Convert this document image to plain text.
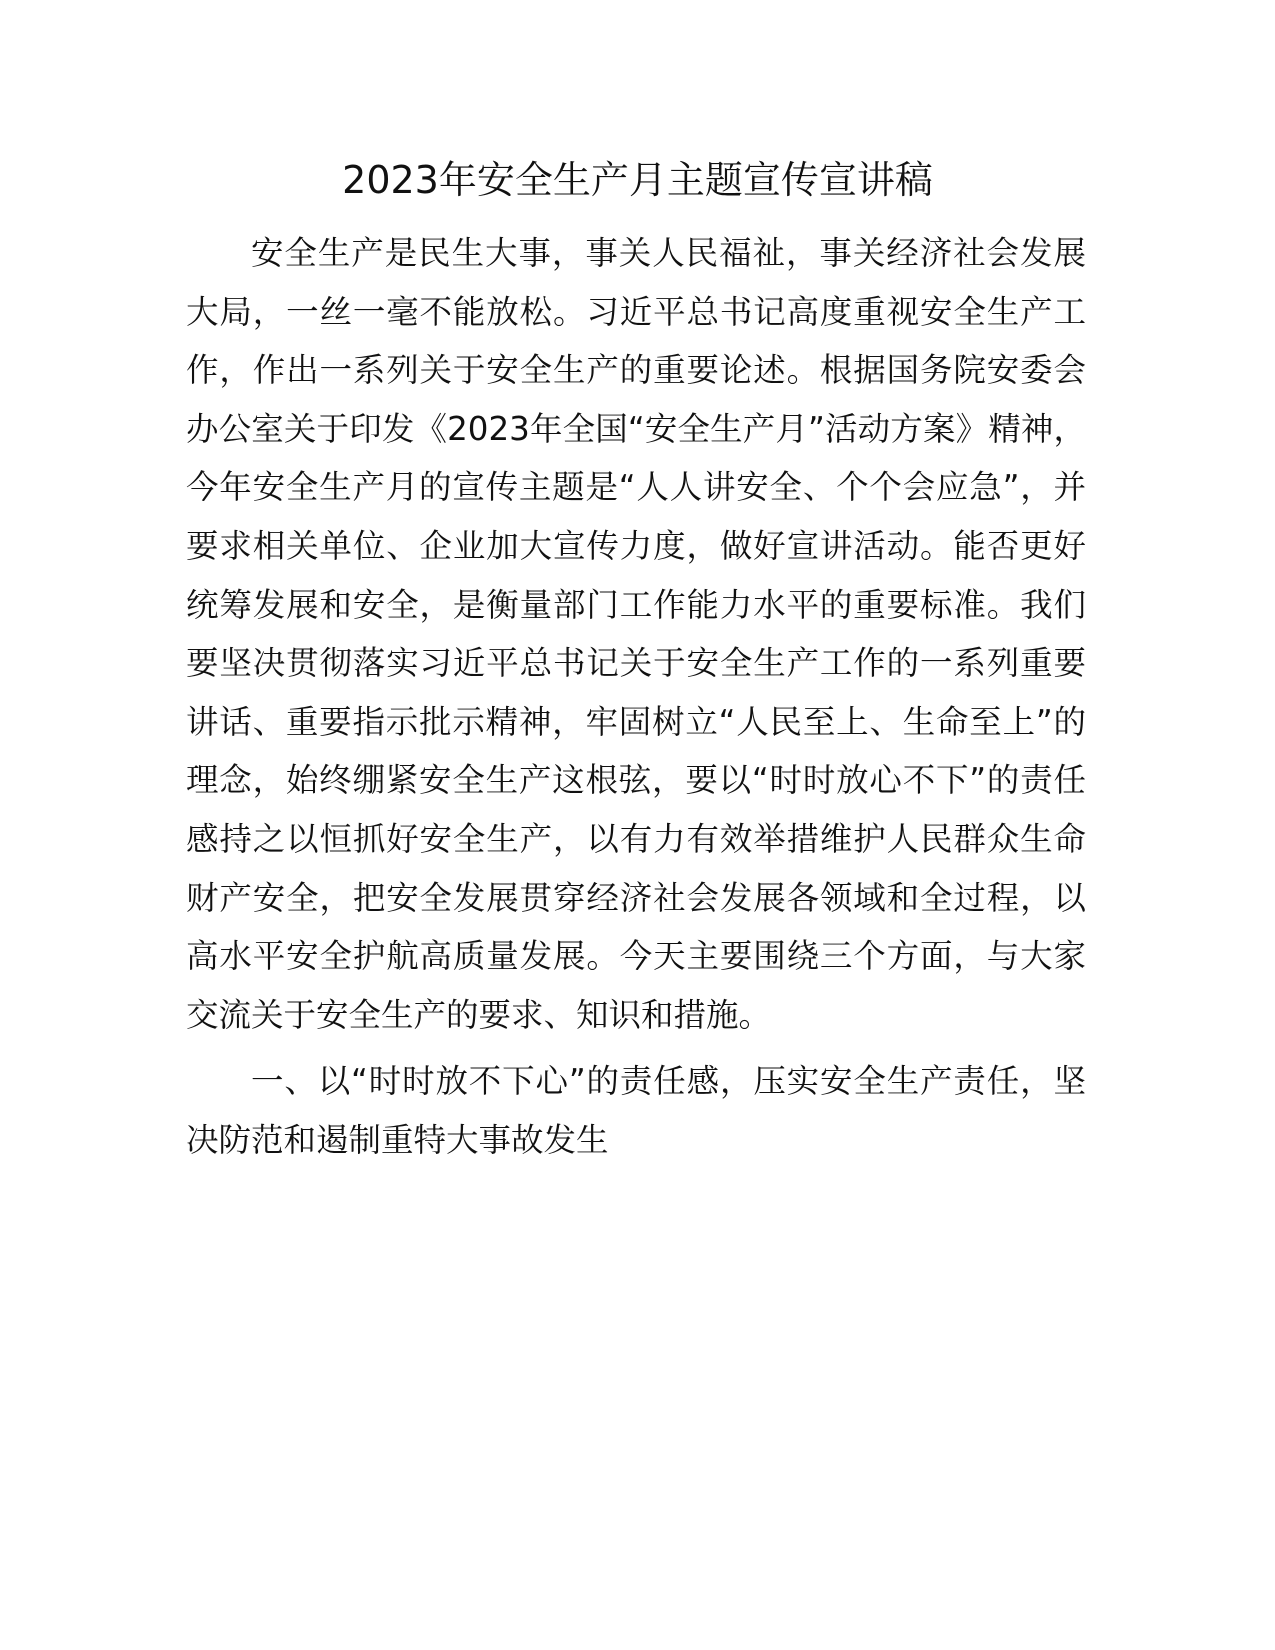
2023年安全生产月主题宣传宣讲稿

安全生产是民生大事，事关人民福祉，事关经济社会发展大局，一丝一毫不能放松。习近平总书记高度重视安全生产工作，作出一系列关于安全生产的重要论述。根据国务院安委会办公室关于印发《2023年全国“安全生产月”活动方案》精神，今年安全生产月的宣传主题是“人人讲安全、个个会应急”，并要求相关单位、企业加大宣传力度，做好宣讲活动。能否更好统筹发展和安全，是衡量部门工作能力水平的重要标准。我们要坚决贯彻落实习近平总书记关于安全生产工作的一系列重要讲话、重要指示批示精神，牢固树立“人民至上、生命至上”的理念，始终绷紧安全生产这根弦，要以“时时放心不下”的责任感持之以恒抓好安全生产，以有力有效举措维护人民群众生命财产安全，把安全发展贯穿经济社会发展各领域和全过程，以高水平安全护航高质量发展。今天主要围绕三个方面，与大家交流关于安全生产的要求、知识和措施。

一、以“时时放不下心”的责任感，压实安全生产责任，坚决防范和遏制重特大事故发生
